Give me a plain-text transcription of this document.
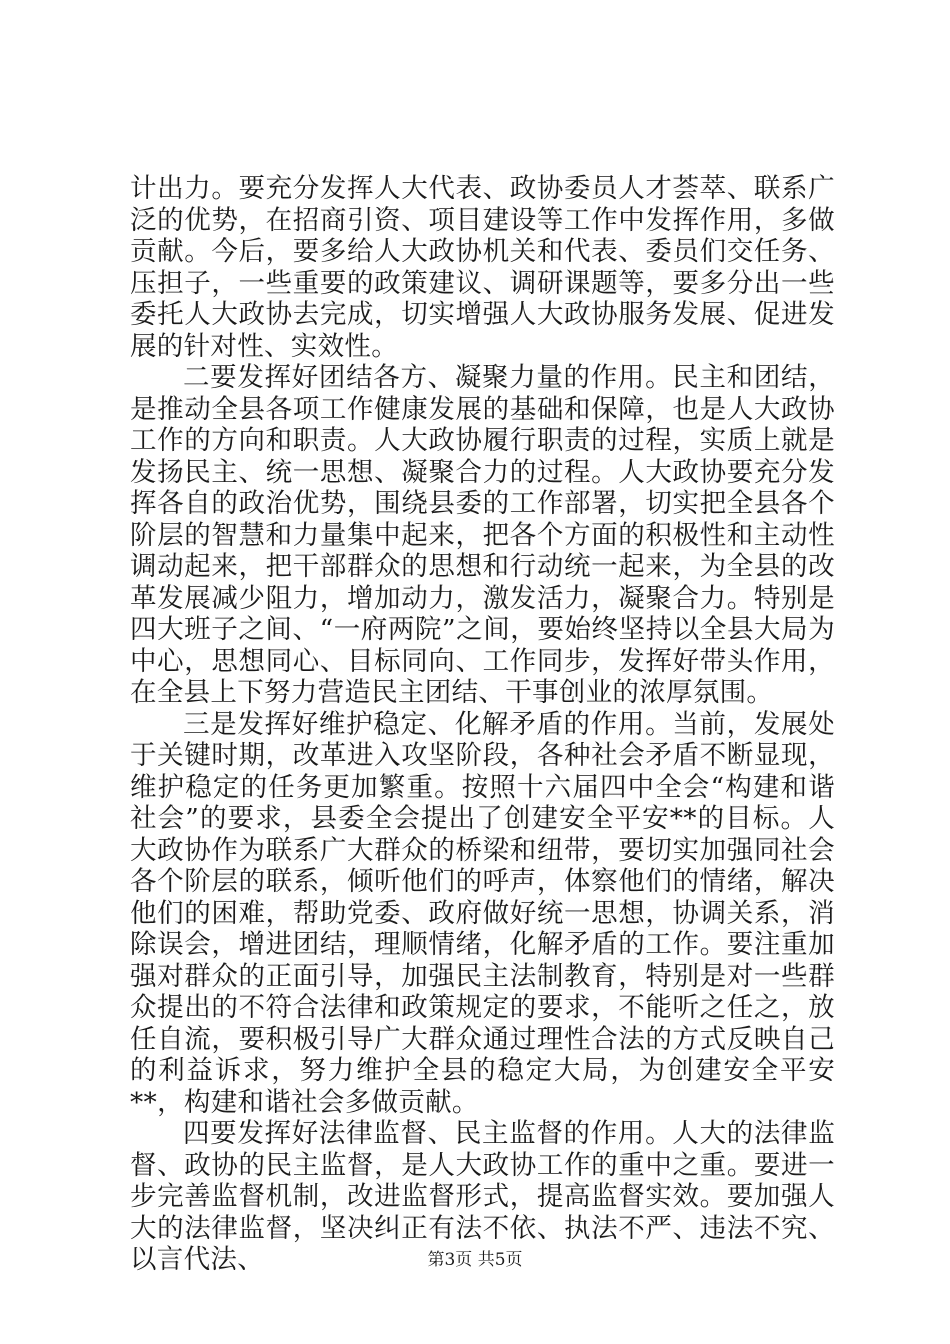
计出力。要充分发挥人大代表、政协委员人才荟萃、联系广泛的优势，在招商引资、项目建设等工作中发挥作用，多做贡献。今后，要多给人大政协机关和代表、委员们交任务、压担子，一些重要的政策建议、调研课题等，要多分出一些委托人大政协去完成，切实增强人大政协服务发展、促进发展的针对性、实效性。

二要发挥好团结各方、凝聚力量的作用。民主和团结，是推动全县各项工作健康发展的基础和保障，也是人大政协工作的方向和职责。人大政协履行职责的过程，实质上就是发扬民主、统一思想、凝聚合力的过程。人大政协要充分发挥各自的政治优势，围绕县委的工作部署，切实把全县各个阶层的智慧和力量集中起来，把各个方面的积极性和主动性调动起来，把干部群众的思想和行动统一起来，为全县的改革发展减少阻力，增加动力，激发活力，凝聚合力。特别是四大班子之间、“一府两院”之间，要始终坚持以全县大局为中心，思想同心、目标同向、工作同步，发挥好带头作用，在全县上下努力营造民主团结、干事创业的浓厚氛围。

三是发挥好维护稳定、化解矛盾的作用。当前，发展处于关键时期，改革进入攻坚阶段，各种社会矛盾不断显现，维护稳定的任务更加繁重。按照十六届四中全会“构建和谐社会”的要求，县委全会提出了创建安全平安**的目标。人大政协作为联系广大群众的桥梁和纽带，要切实加强同社会各个阶层的联系，倾听他们的呼声，体察他们的情绪，解决他们的困难，帮助党委、政府做好统一思想，协调关系，消除误会，增进团结，理顺情绪，化解矛盾的工作。要注重加强对群众的正面引导，加强民主法制教育，特别是对一些群众提出的不符合法律和政策规定的要求，不能听之任之，放任自流，要积极引导广大群众通过理性合法的方式反映自己的利益诉求，努力维护全县的稳定大局，为创建安全平安**，构建和谐社会多做贡献。

四要发挥好法律监督、民主监督的作用。人大的法律监督、政协的民主监督，是人大政协工作的重中之重。要进一步完善监督机制，改进监督形式，提高监督实效。要加强人大的法律监督，坚决纠正有法不依、执法不严、违法不究、以言代法、	第3页 共5页
